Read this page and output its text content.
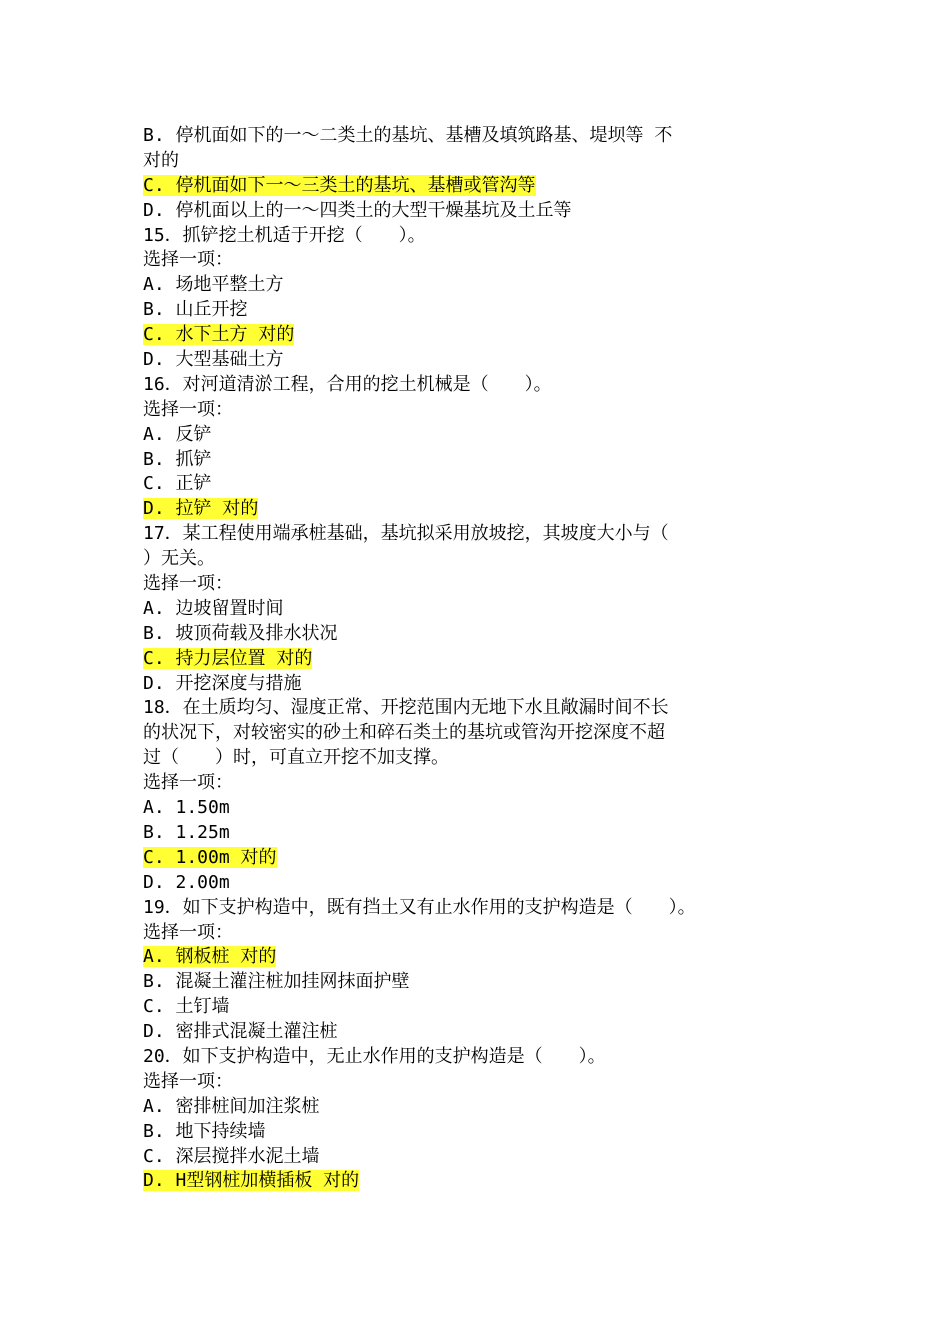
B. 停机面如下的一～二类土的基坑、基槽及填筑路基、堤坝等 不
对的
C. 停机面如下一～三类土的基坑、基槽或管沟等
D. 停机面以上的一～四类土的大型干燥基坑及土丘等
15．抓铲挖土机适于开挖（　　）。
选择一项：
A. 场地平整土方
B. 山丘开挖
C. 水下土方 对的
D. 大型基础土方
16．对河道清淤工程，合用的挖土机械是（　　）。
选择一项：
A. 反铲
B. 抓铲
C. 正铲
D. 拉铲 对的
17．某工程使用端承桩基础，基坑拟采用放坡挖，其坡度大小与（
）无关。
选择一项：
A. 边坡留置时间
B. 坡顶荷载及排水状况
C. 持力层位置 对的
D. 开挖深度与措施
18．在土质均匀、湿度正常、开挖范围内无地下水且敞漏时间不长
的状况下，对较密实的砂土和碎石类土的基坑或管沟开挖深度不超
过（　　）时，可直立开挖不加支撑。
选择一项：
A. 1.50m
B. 1.25m
C. 1.00m 对的
D. 2.00m
19．如下支护构造中，既有挡土又有止水作用的支护构造是（　　）。
选择一项：
A. 钢板桩 对的
B. 混凝土灌注桩加挂网抹面护壁
C. 土钉墙
D. 密排式混凝土灌注桩
20．如下支护构造中，无止水作用的支护构造是（　　）。
选择一项：
A. 密排桩间加注浆桩
B. 地下持续墙
C. 深层搅拌水泥土墙
D. H型钢桩加横插板 对的
